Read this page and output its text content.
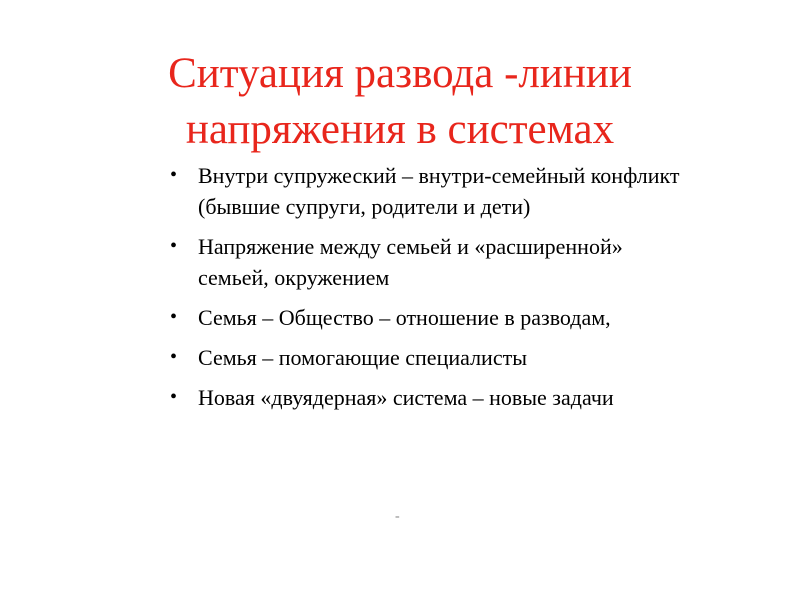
Ситуация развода -линии
напряжения в системах
• Внутри супружеский – внутри-семейный конфликт (бывшие супруги, родители и дети)
• Напряжение между семьей и «расширенной» семьей, окружением
• Семья – Общество – отношение в разводам,
• Семья – помогающие специалисты
• Новая «двуядерная» система – новые задачи
-
